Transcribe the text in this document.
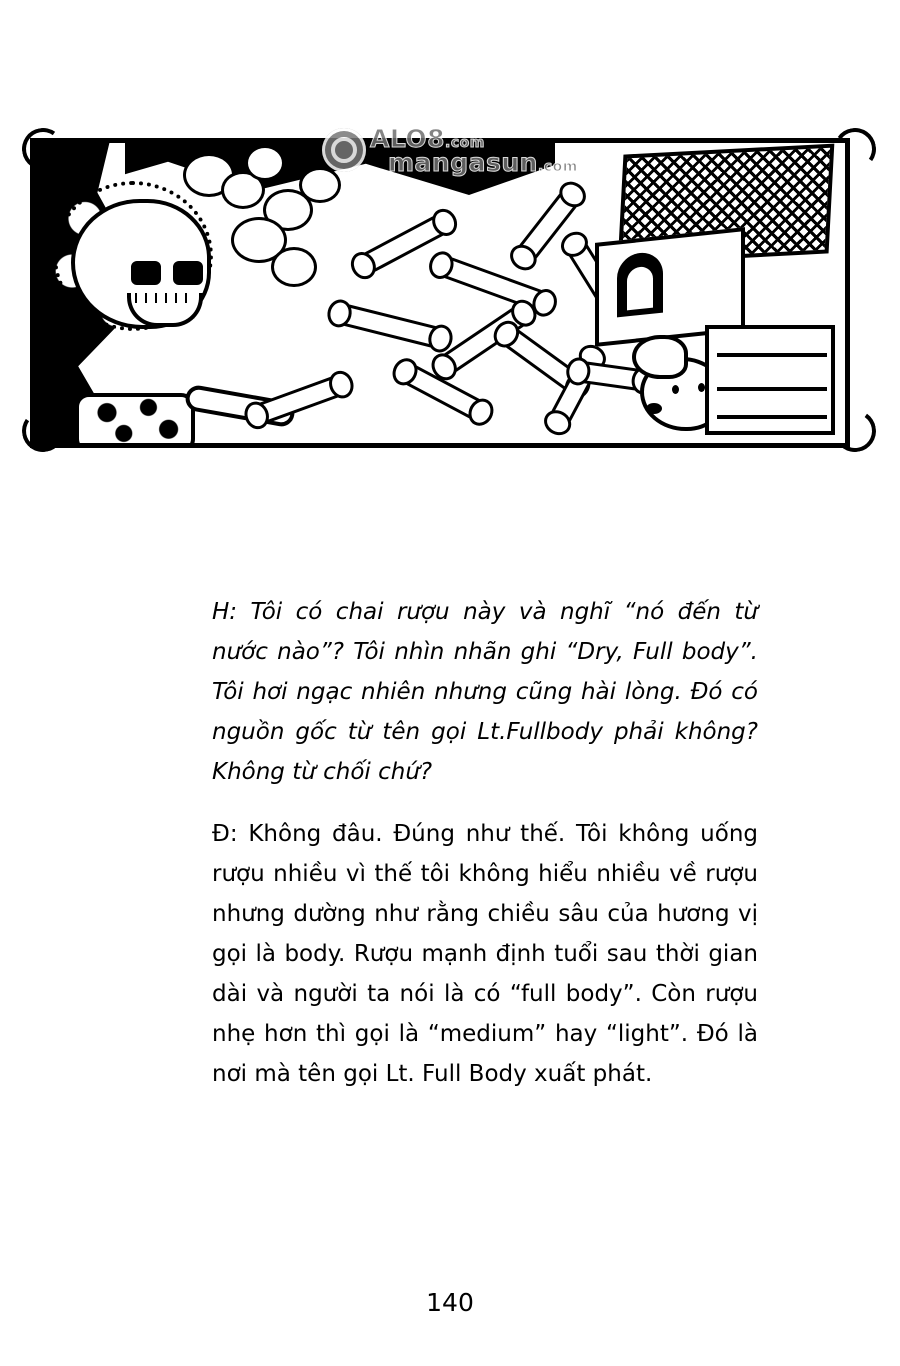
ALO8.com
mangasun.com

H: Tôi có chai rượu này và nghĩ “nó đến từ nước nào”? Tôi nhìn nhãn ghi “Dry, Full body”. Tôi hơi ngạc nhiên nhưng cũng hài lòng. Đó có nguồn gốc từ tên gọi Lt.Fullbody phải không? Không từ chối chứ?

Đ: Không đâu. Đúng như thế. Tôi không uống rượu nhiều vì thế tôi không hiểu nhiều về rượu nhưng dường như rằng chiều sâu của hương vị gọi là body. Rượu mạnh định tuổi sau thời gian dài và người ta nói là có “full body”. Còn rượu nhẹ hơn thì gọi là “medium” hay “light”. Đó là nơi mà tên gọi Lt. Full Body xuất phát.

140
